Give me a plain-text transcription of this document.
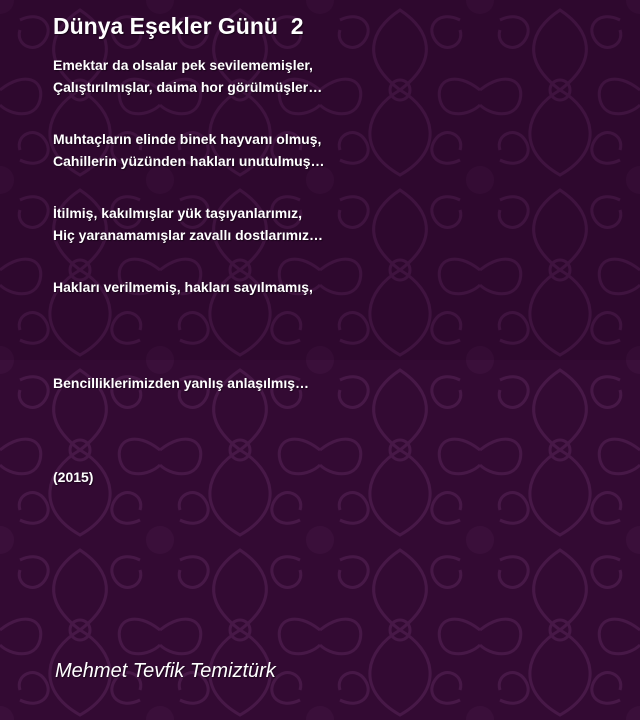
Dünya Eşekler Günü  2
Emektar da olsalar pek sevilememişler,
Çalıştırılmışlar, daima hor görülmüşler…
Muhtaçların elinde binek hayvanı olmuş,
Cahillerin yüzünden hakları unutulmuş…
İtilmiş, kakılmışlar yük taşıyanlarımız,
Hiç yaranamamışlar zavallı dostlarımız…
Hakları verilmemiş, hakları sayılmamış,
Bencilliklerimizden yanlış anlaşılmış…
(2015)
Mehmet Tevfik Temiztürk
